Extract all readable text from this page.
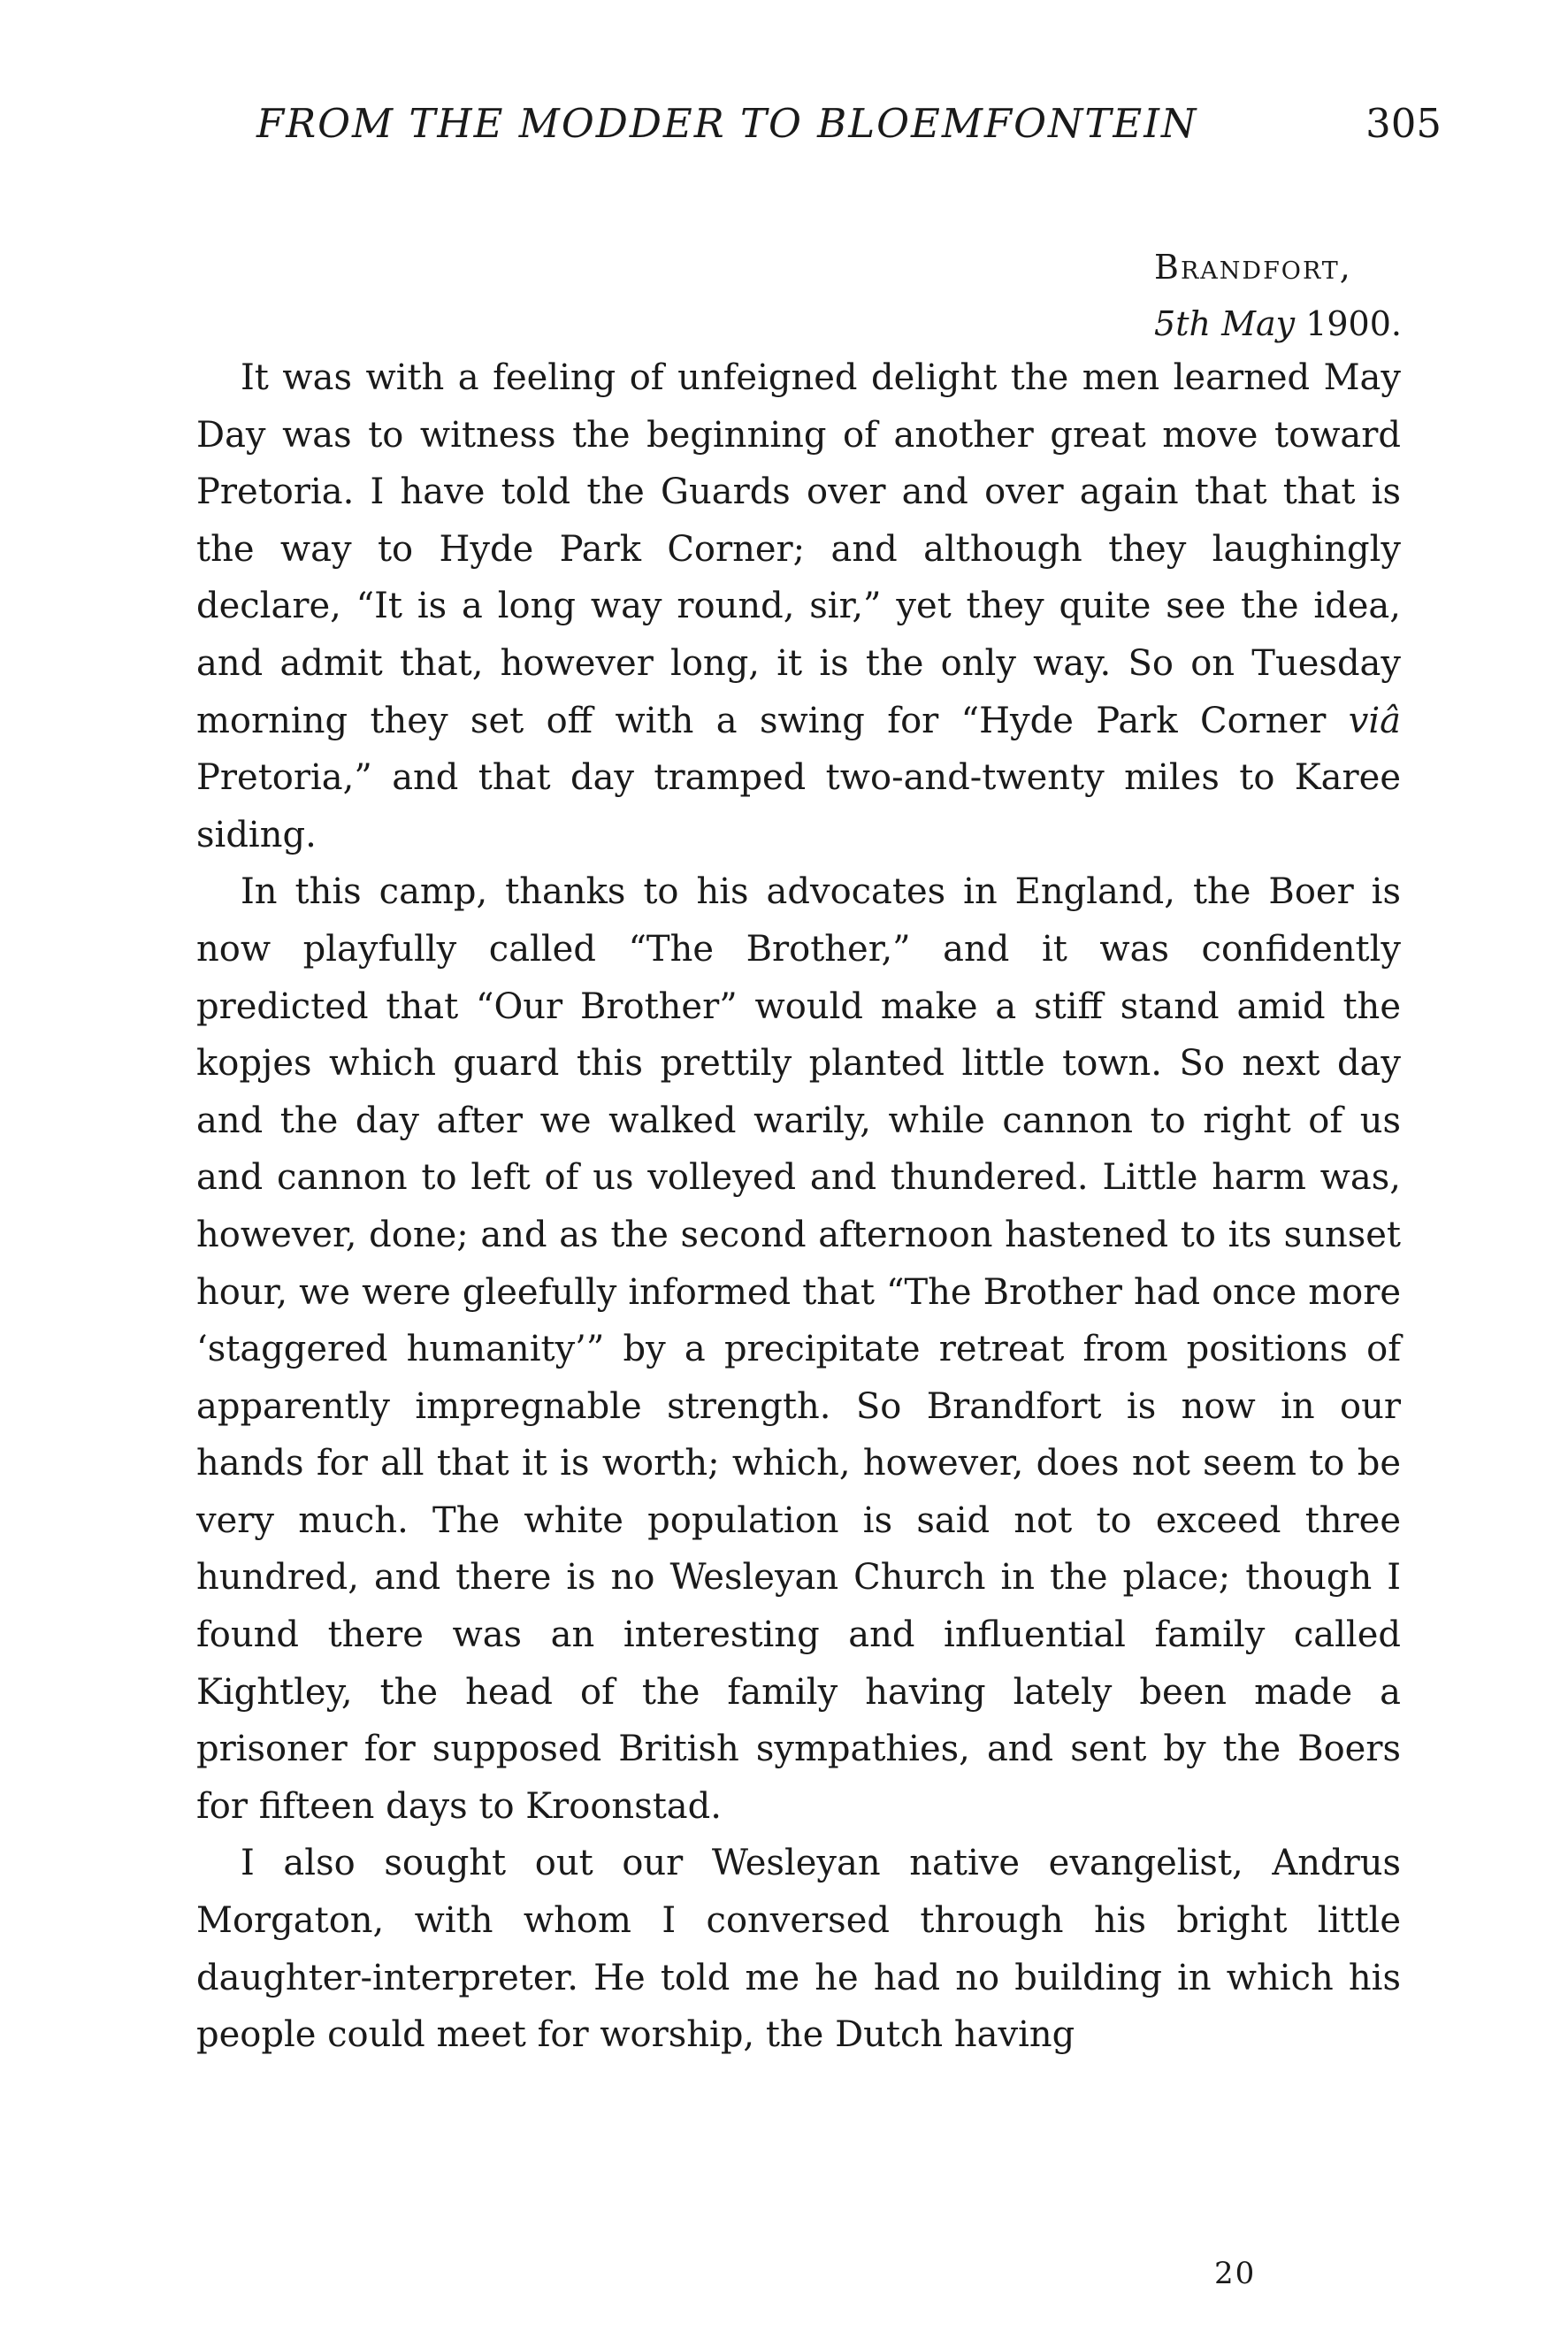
FROM THE MODDER TO BLOEMFONTEIN	305
Brandfort,
5th May 1900.

It was with a feeling of unfeigned delight the men learned May Day was to witness the beginning of another great move toward Pretoria. I have told the Guards over and over again that that is the way to Hyde Park Corner; and although they laughingly declare, “It is a long way round, sir,” yet they quite see the idea, and admit that, however long, it is the only way. So on Tuesday morning they set off with a swing for “Hyde Park Corner viâ Pretoria,” and that day tramped two-and-twenty miles to Karee siding.

In this camp, thanks to his advocates in England, the Boer is now playfully called “The Brother,” and it was confidently predicted that “Our Brother” would make a stiff stand amid the kopjes which guard this prettily planted little town. So next day and the day after we walked warily, while cannon to right of us and cannon to left of us volleyed and thundered. Little harm was, however, done; and as the second afternoon hastened to its sunset hour, we were gleefully informed that “The Brother had once more ‘staggered humanity’” by a precipitate retreat from positions of apparently impregnable strength. So Brandfort is now in our hands for all that it is worth; which, however, does not seem to be very much. The white population is said not to exceed three hundred, and there is no Wesleyan Church in the place; though I found there was an interesting and influential family called Kightley, the head of the family having lately been made a prisoner for supposed British sympathies, and sent by the Boers for fifteen days to Kroonstad.

I also sought out our Wesleyan native evangelist, Andrus Morgaton, with whom I conversed through his bright little daughter-interpreter. He told me he had no building in which his people could meet for worship, the Dutch having

20
